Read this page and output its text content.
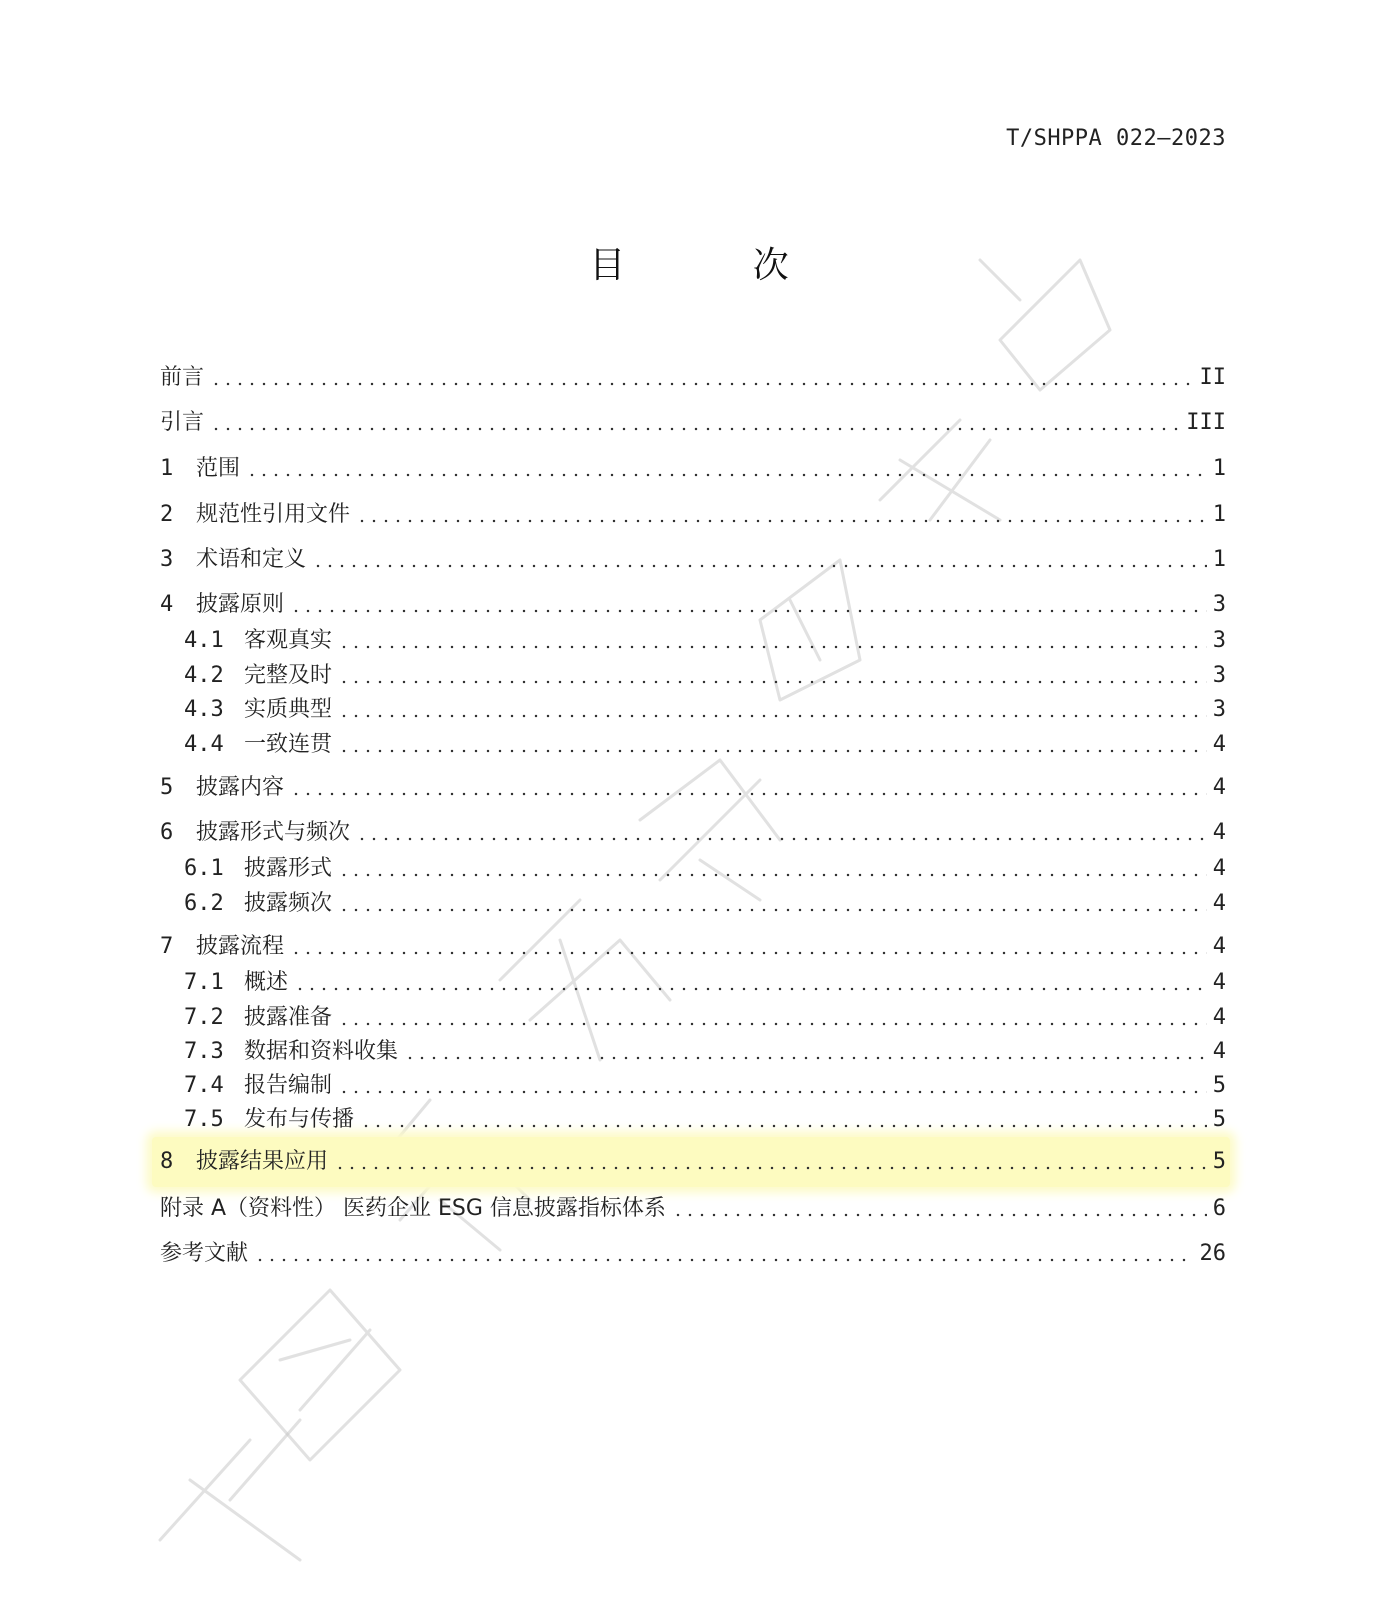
T/SHPPA 022—2023
目 次
前言	II
引言	III
1	范围	1
2	规范性引用文件	1
3	术语和定义	1
4	披露原则	3
4.1 客观真实	3
4.2 完整及时	3
4.3 实质典型	3
4.4 一致连贯	4
5	披露内容	4
6	披露形式与频次	4
6.1 披露形式	4
6.2 披露频次	4
7	披露流程	4
7.1 概述	4
7.2 披露准备	4
7.3 数据和资料收集	4
7.4 报告编制	5
7.5 发布与传播	5
8	披露结果应用	5
附录 A（资料性） 医药企业 ESG 信息披露指标体系	6
参考文献	26
